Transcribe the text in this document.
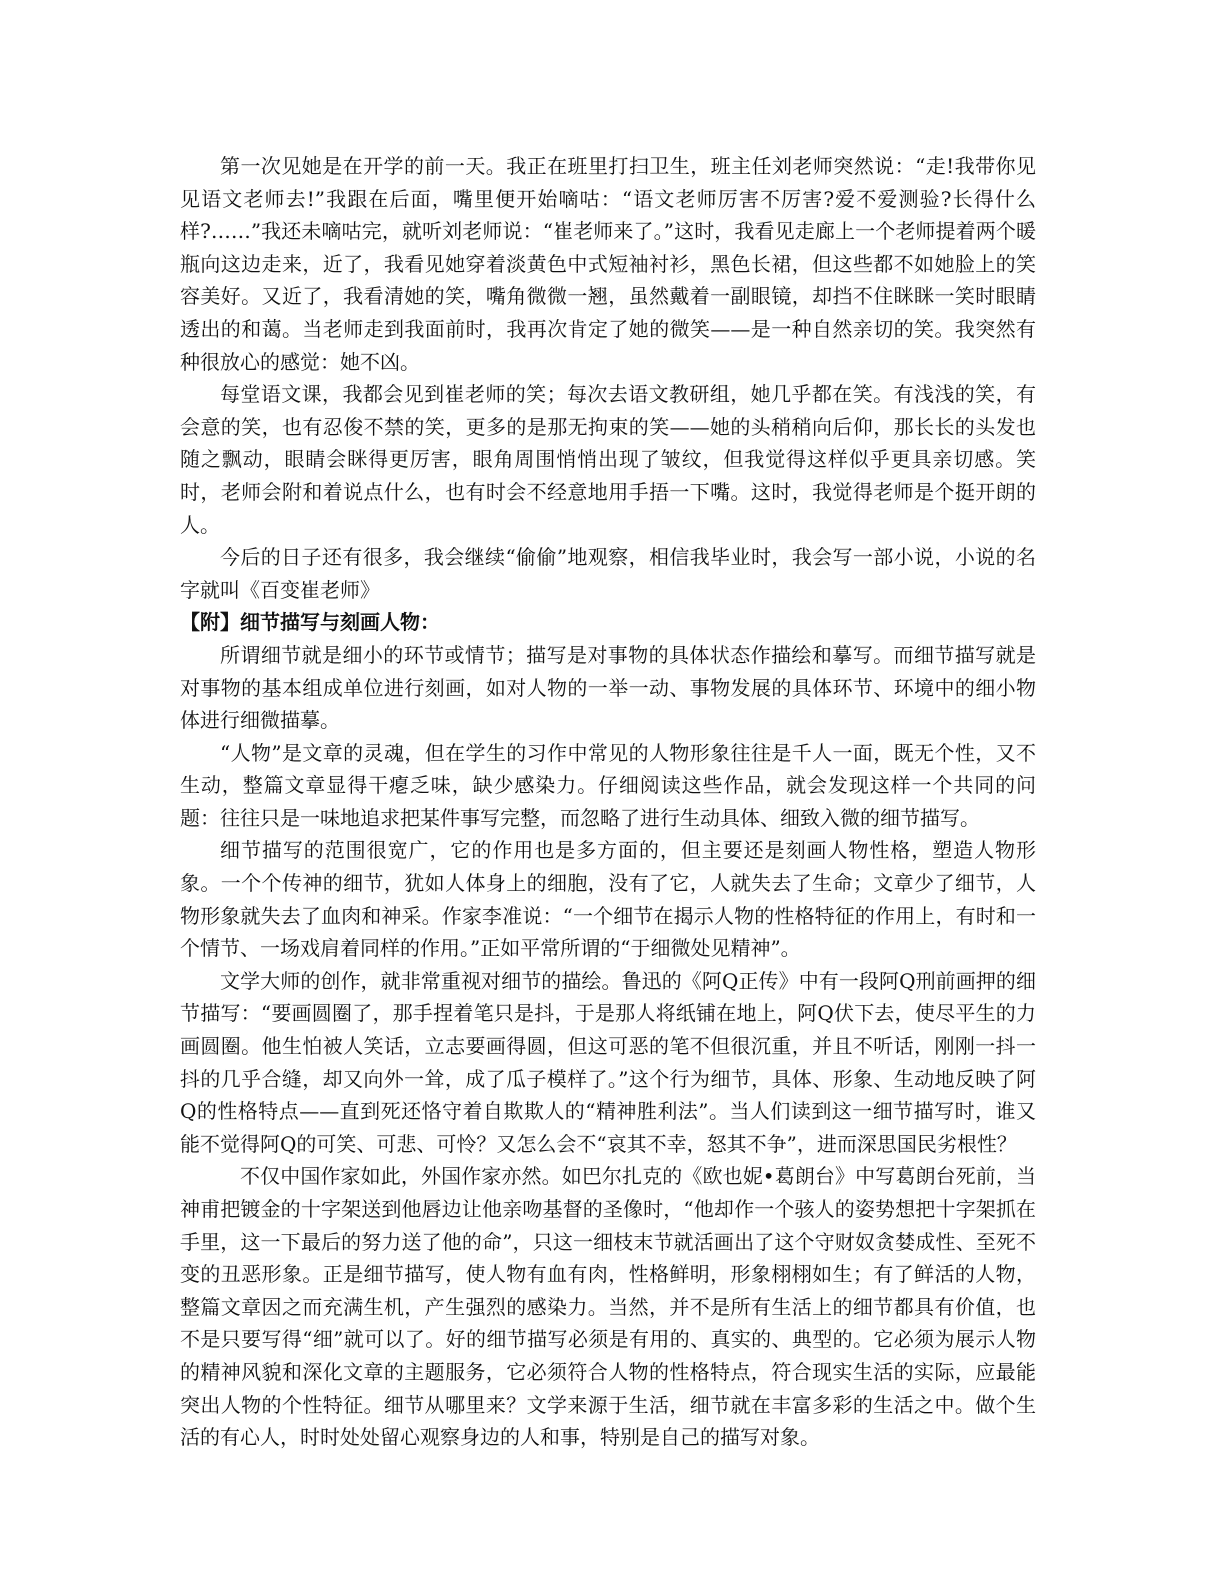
第一次见她是在开学的前一天。我正在班里打扫卫生，班主任刘老师突然说：“走!我带你见见语文老师去!”我跟在后面，嘴里便开始嘀咕：“语文老师厉害不厉害?爱不爱测验?长得什么样?……”我还未嘀咕完，就听刘老师说：“崔老师来了。”这时，我看见走廊上一个老师提着两个暖瓶向这边走来，近了，我看见她穿着淡黄色中式短袖衬衫，黑色长裙，但这些都不如她脸上的笑容美好。又近了，我看清她的笑，嘴角微微一翘，虽然戴着一副眼镜，却挡不住眯眯一笑时眼睛透出的和蔼。当老师走到我面前时，我再次肯定了她的微笑——是一种自然亲切的笑。我突然有种很放心的感觉：她不凶。

每堂语文课，我都会见到崔老师的笑；每次去语文教研组，她几乎都在笑。有浅浅的笑，有会意的笑，也有忍俊不禁的笑，更多的是那无拘束的笑——她的头稍稍向后仰，那长长的头发也随之飘动，眼睛会眯得更厉害，眼角周围悄悄出现了皱纹，但我觉得这样似乎更具亲切感。笑时，老师会附和着说点什么，也有时会不经意地用手捂一下嘴。这时，我觉得老师是个挺开朗的人。

今后的日子还有很多，我会继续“偷偷”地观察，相信我毕业时，我会写一部小说，小说的名字就叫《百变崔老师》

【附】细节描写与刻画人物：

所谓细节就是细小的环节或情节；描写是对事物的具体状态作描绘和摹写。而细节描写就是对事物的基本组成单位进行刻画，如对人物的一举一动、事物发展的具体环节、环境中的细小物体进行细微描摹。

“人物”是文章的灵魂，但在学生的习作中常见的人物形象往往是千人一面，既无个性，又不生动，整篇文章显得干瘪乏味，缺少感染力。仔细阅读这些作品，就会发现这样一个共同的问题：往往只是一味地追求把某件事写完整，而忽略了进行生动具体、细致入微的细节描写。

细节描写的范围很宽广，它的作用也是多方面的，但主要还是刻画人物性格，塑造人物形象。一个个传神的细节，犹如人体身上的细胞，没有了它，人就失去了生命；文章少了细节，人物形象就失去了血肉和神采。作家李准说：“一个细节在揭示人物的性格特征的作用上，有时和一个情节、一场戏肩着同样的作用。”正如平常所谓的“于细微处见精神”。

文学大师的创作，就非常重视对细节的描绘。鲁迅的《阿Q正传》中有一段阿Q刑前画押的细节描写：“要画圆圈了，那手捏着笔只是抖，于是那人将纸铺在地上，阿Q伏下去，使尽平生的力画圆圈。他生怕被人笑话，立志要画得圆，但这可恶的笔不但很沉重，并且不听话，刚刚一抖一抖的几乎合缝，却又向外一耸，成了瓜子模样了。”这个行为细节，具体、形象、生动地反映了阿Q的性格特点——直到死还恪守着自欺欺人的“精神胜利法”。当人们读到这一细节描写时，谁又能不觉得阿Q的可笑、可悲、可怜？又怎么会不“哀其不幸，怒其不争”，进而深思国民劣根性？

不仅中国作家如此，外国作家亦然。如巴尔扎克的《欧也妮•葛朗台》中写葛朗台死前，当神甫把镀金的十字架送到他唇边让他亲吻基督的圣像时，“他却作一个骇人的姿势想把十字架抓在手里，这一下最后的努力送了他的命”，只这一细枝末节就活画出了这个守财奴贪婪成性、至死不变的丑恶形象。正是细节描写，使人物有血有肉，性格鲜明，形象栩栩如生；有了鲜活的人物，整篇文章因之而充满生机，产生强烈的感染力。当然，并不是所有生活上的细节都具有价值，也不是只要写得“细”就可以了。好的细节描写必须是有用的、真实的、典型的。它必须为展示人物的精神风貌和深化文章的主题服务，它必须符合人物的性格特点，符合现实生活的实际，应最能突出人物的个性特征。细节从哪里来？文学来源于生活，细节就在丰富多彩的生活之中。做个生活的有心人，时时处处留心观察身边的人和事，特别是自己的描写对象。
